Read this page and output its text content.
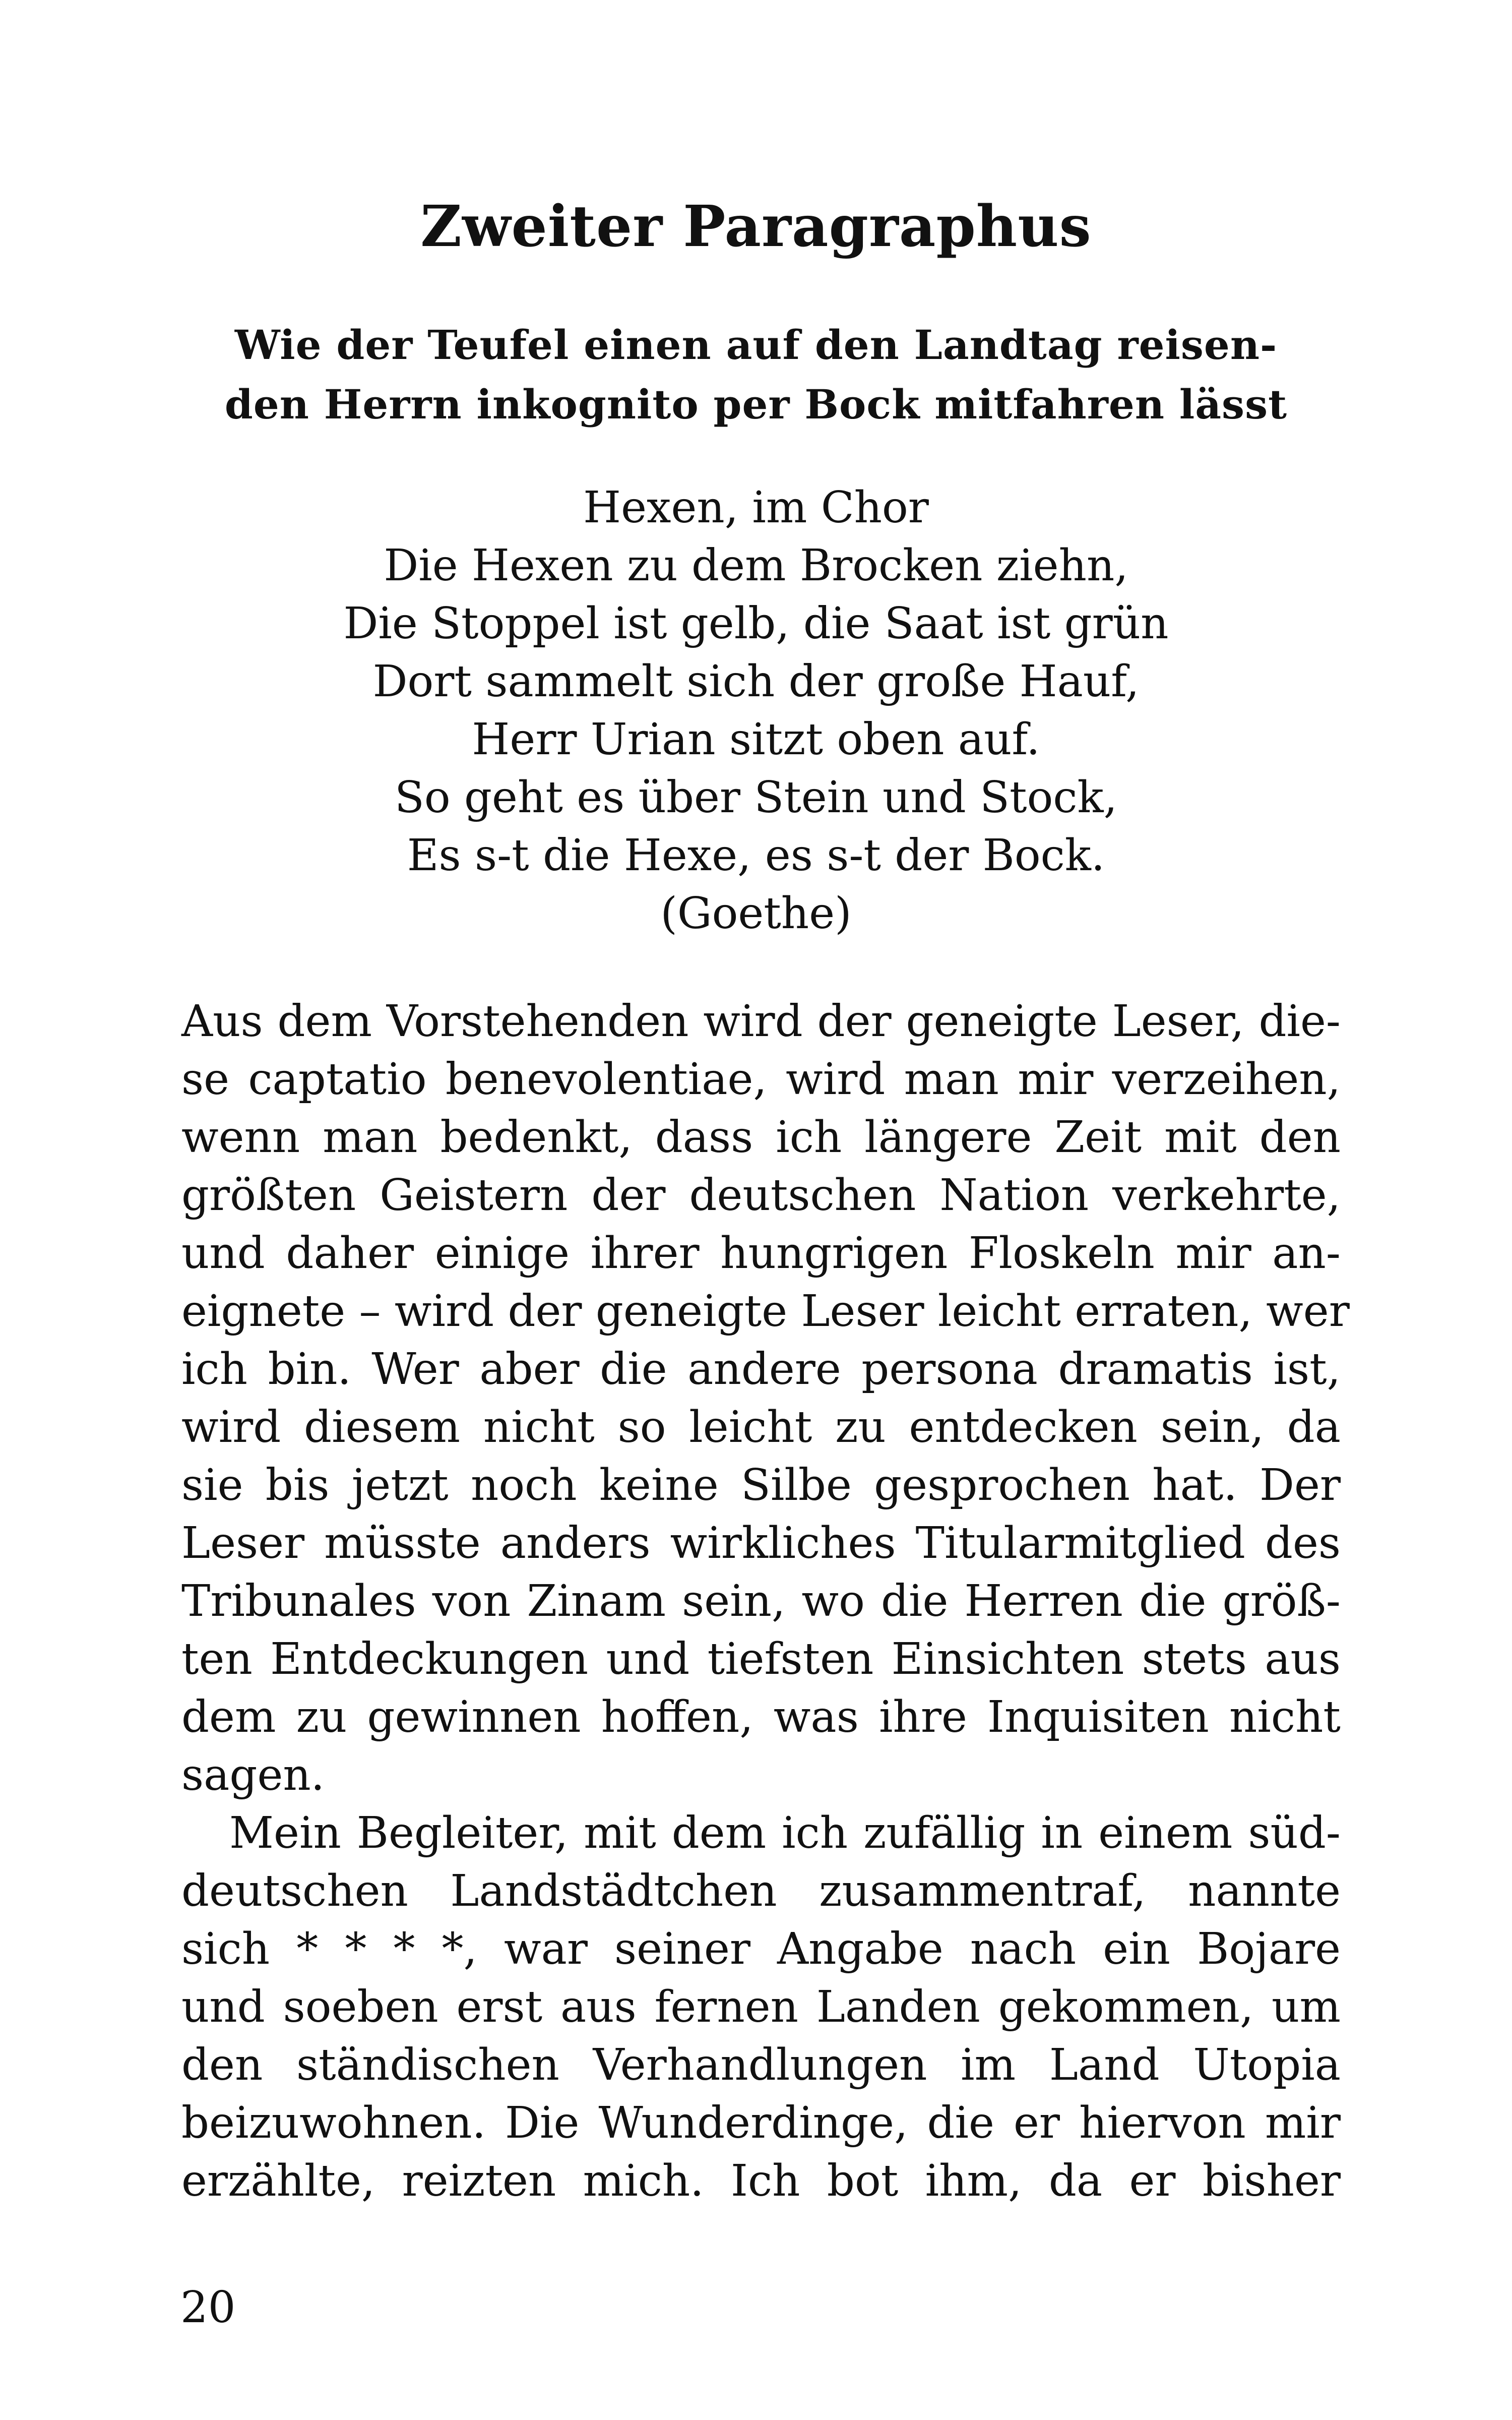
Zweiter Paragraphus
Wie der Teufel einen auf den Landtag reisen-
den Herrn inkognito per Bock mitfahren lässt
Hexen, im Chor
Die Hexen zu dem Brocken ziehn,
Die Stoppel ist gelb, die Saat ist grün
Dort sammelt sich der große Hauf,
Herr Urian sitzt oben auf.
So geht es über Stein und Stock,
Es s-t die Hexe, es s-t der Bock.
(Goethe)
Aus dem Vorstehenden wird der geneigte Leser, die-
se captatio benevolentiae, wird man mir verzeihen,
wenn man bedenkt, dass ich längere Zeit mit den
größten Geistern der deutschen Nation verkehrte,
und daher einige ihrer hungrigen Floskeln mir an-
eignete – wird der geneigte Leser leicht erraten, wer
ich bin. Wer aber die andere persona dramatis ist,
wird diesem nicht so leicht zu entdecken sein, da
sie bis jetzt noch keine Silbe gesprochen hat. Der
Leser müsste anders wirkliches Titularmitglied des
Tribunales von Zinam sein, wo die Herren die größ-
ten Entdeckungen und tiefsten Einsichten stets aus
dem zu gewinnen hoffen, was ihre Inquisiten nicht
sagen.
Mein Begleiter, mit dem ich zufällig in einem süd-
deutschen Landstädtchen zusammentraf, nannte
sich * * * *, war seiner Angabe nach ein Bojare
und soeben erst aus fernen Landen gekommen, um
den ständischen Verhandlungen im Land Utopia
beizuwohnen. Die Wunderdinge, die er hiervon mir
erzählte, reizten mich. Ich bot ihm, da er bisher
20
